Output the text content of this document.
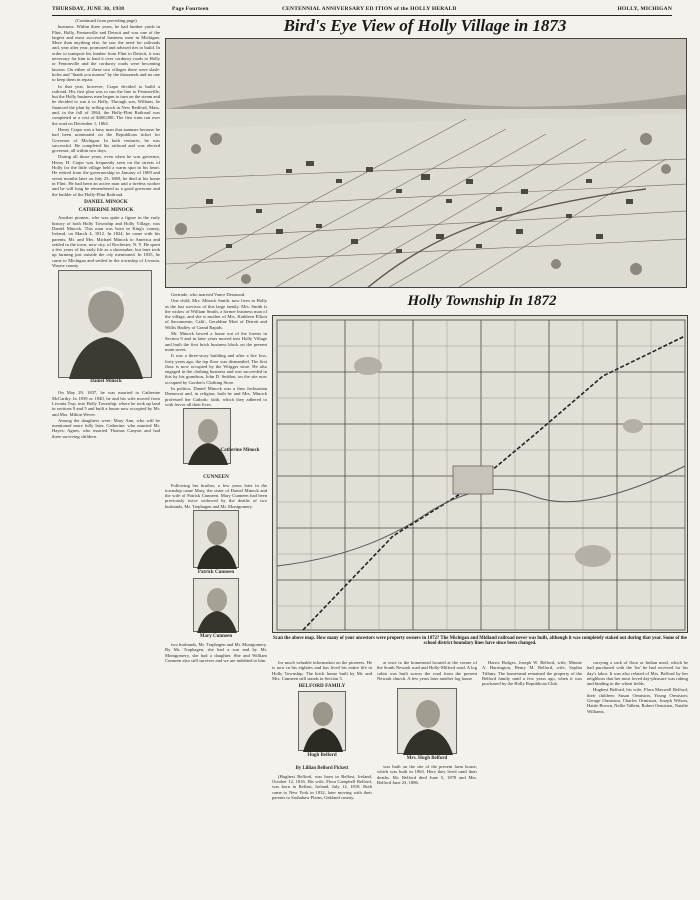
THURSDAY, JUNE 30, 1938	Page Fourteen	CENTENNIAL ANNIVERSARY ED ITION of the HOLLY HERALD	HOLLY, MICHIGAN
Bird's Eye View of Holly Village in 1873

(Continued from preceding page)

business. Within three years, he had lumber yards in Flint, Holly, Fentonville and Detroit and was one of the largest and most successful business men in Michigan. More than anything else, he saw the need for railroads and, year after year, promoted and advised ties to build. In order to transport his lumber from Flint to Detroit, it was necessary for him to haul it over corduroy roads to Holly or Fentonville and the corduroy roads were becoming known. On either of these two villages there were slash-holes and "thank you marms" by the thousands and no one to keep them in repair.

In that year, however, Crapo decided to build a railroad. His first plan was to run the line to Fentonville, but the Holly business men begun to turn on the steam and he decided to run it to Holly. Through son, William, he financed the plan by selling stock in New Bedford, Mass. and, in the fall of 1864, the Holly-Flint Railroad was completed at a cost of $400,000. The first train ran over the road on December 1, 1864.

Henry Crapo was a busy man that summer because he had been nominated on the Republican ticket for Governor of Michigan. In both ventures, he was successful. He completed his railroad and was elected governor, all within two days.

During all those years, even when he was governor, Henry H. Crapo was frequently seen on the streets of Holly for the little village held a warm spot in his heart. He retired from the governorship in January of 1869 and seven months later on July 23, 1869, he died at his home in Flint. He had been an active man and a tireless worker and he will long be remembered as a good governor and the builder of the Holly-Flint Railroad.

DANIEL MINOCK
CATHERINE MINOCK

Another pioneer, who was quite a figure in the early history of both Holly Township and Holly Village, was Daniel Minock. This man was born in King's county, Ireland, on March 4, 1812. In 1824, he came with his parents, Mr. and Mrs. Michael Minock to America and settled in the town, now city, of Rochester, N. Y. He spent a few years of his early life as a shoemaker, but later took up farming just outside the city mentioned. In 1835, he came to Michigan and settled in the township of Livonia, Wayne county.

Daniel Minock

On May 29, 1837, he was married to Catherine McCarthy. In 1839 or 1840, he and his wife moved from Livonia Twp. into Holly Township, where he took up land in sections 9 and 5 and built a house now occupied by Mr. and Mrs. Milton Wever.

Among the daughters were: Mary Ann, who will be mentioned more fully later, Catherine, who married Mr. Hayes; Agnes, who married Thomas Canyon and had three surviving children.

Gertrude, who married Vance Desmond.

One child, Mrs. Minock Smith, now lives in Holly as the last survivor of this large family. Mrs. Smith is the widow of William Smith, a former business man of the village, and she is mother of Mrs. Kathleen Elliott of Sacramento, Calif., Geraldine Mott of Detroit and Willis Hadley of Grand Rapids.

Mr. Minock hewed a home out of the forests in Section 9 and in later years moved into Holly Village and built the first brick business block on the present main street.

It was a three-story building and after a fire loss, forty years ago, the top floor was dismantled. The first floor is now occupied by the Wrigger store. He also engaged in the clothing business and was succeeded in this by his grandson, John D. Seddon, on the site now occupied by Gordon's Clothing Store.

In politics, Daniel Minock was a firm Jacksonian Democrat and, in religion, both he and Mrs. Minock professed the Catholic faith, which they adhered to with fervor all their lives.

Catherine Minock
CUNNEEN

Following her brother, a few years later in the township came Mary, the sister of Daniel Minock and the wife of Patrick Cunneen. Mary Cunneen had been previously twice widowed by the deaths of two husbands, Mr. Trephagen and Mr. Montgomery.

Patrick Cunneen
Mary Cunneen

two husbands, Mr. Traphagen and Mr. Montgomery. By Mr. Traphagen, she had a son and by Mr. Montgomery, she had a daughter. She and William Cunneen also still survives and we are indebted to him

Holly Township In 1872
Scan the above map. How many of your ancestors were property owners in 1872? The Michigan and Midland railroad never was built, although it was completely staked out during that year. Some of the school district boundary lines have since been changed.

for much valuable information on the pioneers. He is now in his eighties and has lived his entire life in Holly Township. The brick house built by Mr. and Mrs. Cunneen still stands in Section 5.

BELFORD FAMILY
Hugh Belford
By Lillian Belford Pickett

(Hughest Belford, was born in Belfast, Ireland, October 12, 1816. His wife, Flora Campbell Belford, was born in Belfast, Ireland, July 12, 1818. Both came to New York in 1832, later moving with their parents to Sashabaw Plains, Oakland county.

at once to the homestead located at the corner of the South Newark road and Holly-Milford road. A log cabin was built across the road from the present Newark church. A few years later another log house

Mrs. Hugh Belford

was built on the site of the present farm house, which was built in 1863. Here they lived until their deaths. Mr. Belford died June 5, 1878 and Mrs. Belford June 23, 1886.

Harris Hodges, Joseph W. Belford, wife, Minnie A. Harrington, Henry M. Belford, wife, Sophia Tiffany. The homestead remained the property of the Belford family until a few years ago, when it was purchased by the Holly Republican Club.

carrying a sack of flour or Indian meal, which he had purchased with the 'fur' he had received for his day's labor. It was also related of Mrs. Belford by her neighbors that her most loved day-pleasure was raking and binding in the wheat fields.

Hughest Belford, his wife, Flora Maxwell Belford, their children: Susan Ormiston, Young Ormiston; George Ormiston, Charles Ormiston, Joseph Wilson, Hattie Brown, Nellie Tallent, Robert Ormiston, Natalie Williams.
